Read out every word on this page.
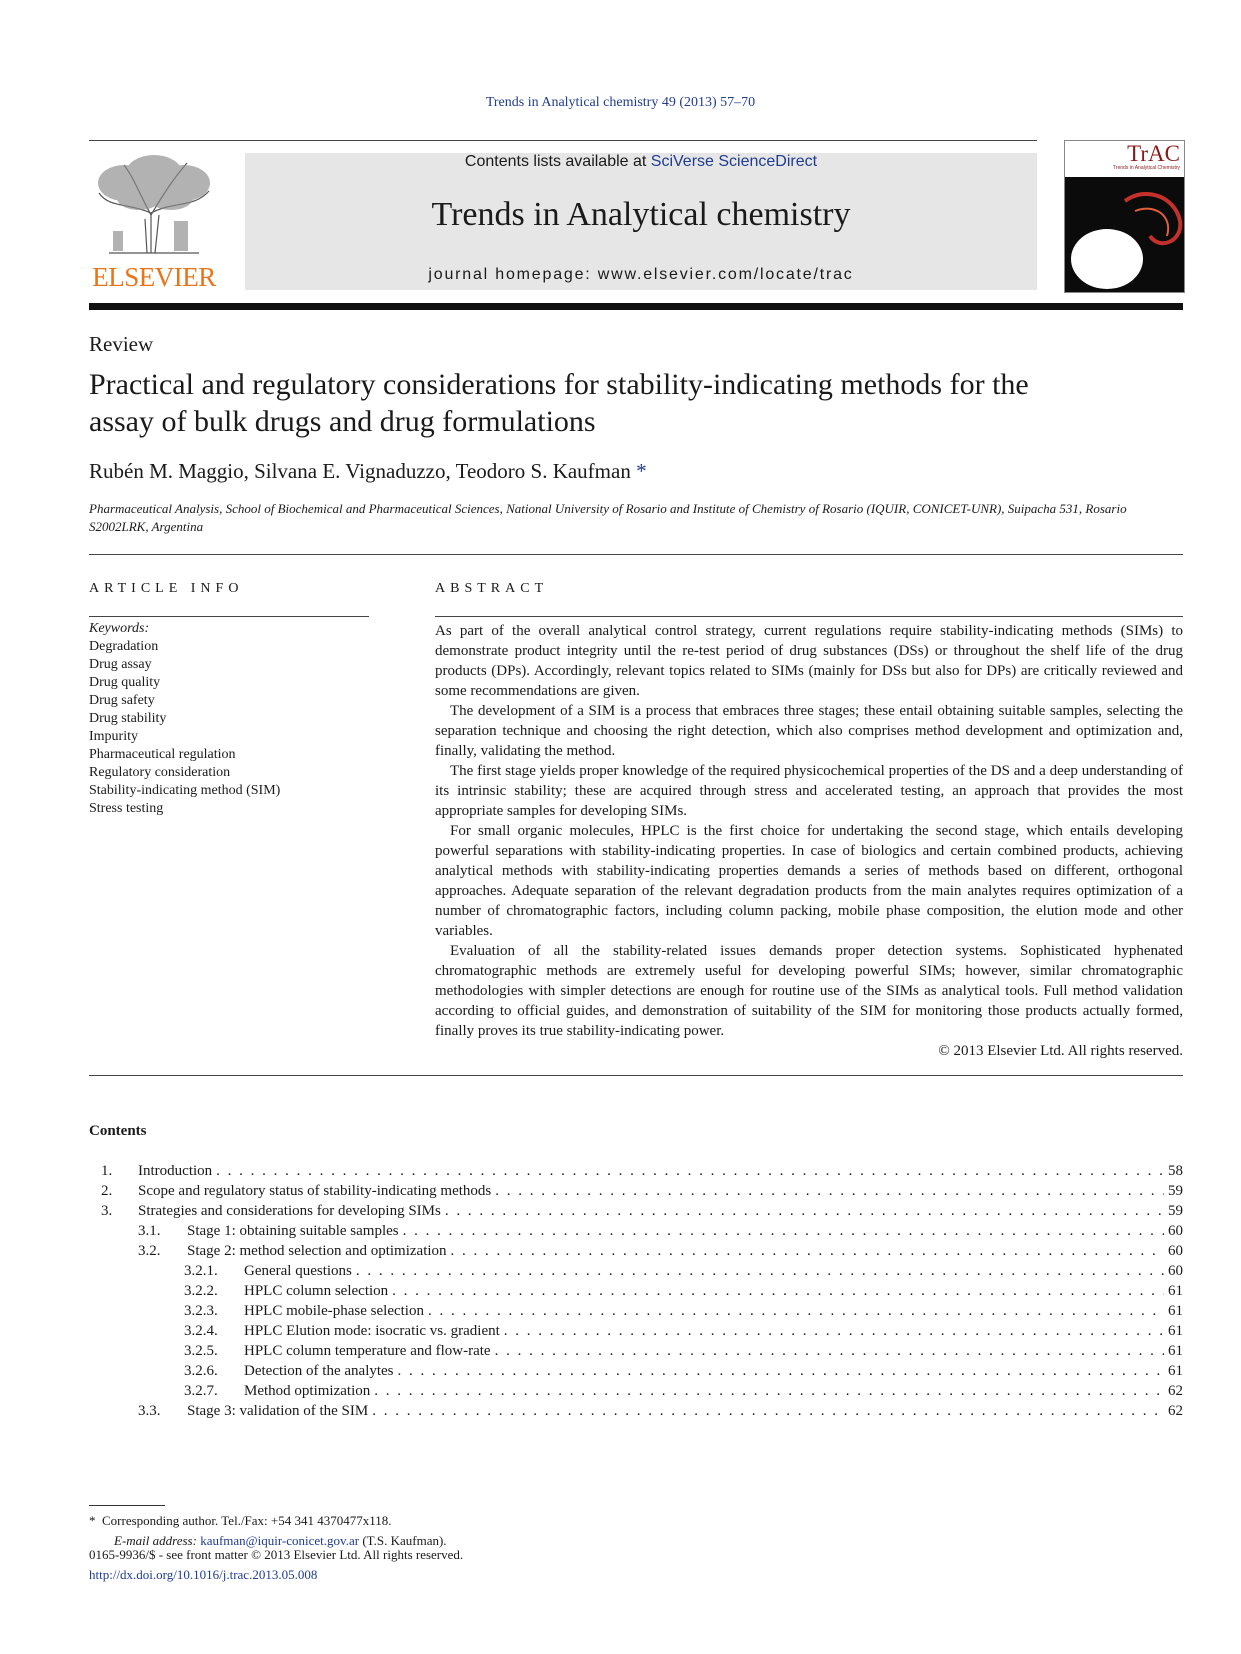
Trends in Analytical chemistry 49 (2013) 57–70
ELSEVIER
Contents lists available at SciVerse ScienceDirect
Trends in Analytical chemistry
journal homepage: www.elsevier.com/locate/trac
TrAC
Trends in Analytical Chemistry
Review
Practical and regulatory considerations for stability-indicating methods for the assay of bulk drugs and drug formulations
Rubén M. Maggio, Silvana E. Vignaduzzo, Teodoro S. Kaufman *
Pharmaceutical Analysis, School of Biochemical and Pharmaceutical Sciences, National University of Rosario and Institute of Chemistry of Rosario (IQUIR, CONICET-UNR), Suipacha 531, Rosario S2002LRK, Argentina
ARTICLE INFO
Keywords:
Degradation
Drug assay
Drug quality
Drug safety
Drug stability
Impurity
Pharmaceutical regulation
Regulatory consideration
Stability-indicating method (SIM)
Stress testing
ABSTRACT

As part of the overall analytical control strategy, current regulations require stability-indicating methods (SIMs) to demonstrate product integrity until the re-test period of drug substances (DSs) or throughout the shelf life of the drug products (DPs). Accordingly, relevant topics related to SIMs (mainly for DSs but also for DPs) are critically reviewed and some recommendations are given.

The development of a SIM is a process that embraces three stages; these entail obtaining suitable samples, selecting the separation technique and choosing the right detection, which also comprises method development and optimization and, finally, validating the method.

The first stage yields proper knowledge of the required physicochemical properties of the DS and a deep understanding of its intrinsic stability; these are acquired through stress and accelerated testing, an approach that provides the most appropriate samples for developing SIMs.

For small organic molecules, HPLC is the first choice for undertaking the second stage, which entails developing powerful separations with stability-indicating properties. In case of biologics and certain combined products, achieving analytical methods with stability-indicating properties demands a series of methods based on different, orthogonal approaches. Adequate separation of the relevant degradation products from the main analytes requires optimization of a number of chromatographic factors, including column packing, mobile phase composition, the elution mode and other variables.

Evaluation of all the stability-related issues demands proper detection systems. Sophisticated hyphenated chromatographic methods are extremely useful for developing powerful SIMs; however, similar chromatographic methodologies with simpler detections are enough for routine use of the SIMs as analytical tools. Full method validation according to official guides, and demonstration of suitability of the SIM for monitoring those products actually formed, finally proves its true stability-indicating power.

© 2013 Elsevier Ltd. All rights reserved.
Contents
1.	Introduction . . .	58
2.	Scope and regulatory status of stability-indicating methods . . .	59
3.	Strategies and considerations for developing SIMs . . .	59
3.1.	Stage 1: obtaining suitable samples . . .	60
3.2.	Stage 2: method selection and optimization . . .	60
3.2.1.	General questions . . .	60
3.2.2.	HPLC column selection . . .	61
3.2.3.	HPLC mobile-phase selection . . .	61
3.2.4.	HPLC Elution mode: isocratic vs. gradient . . .	61
3.2.5.	HPLC column temperature and flow-rate . . .	61
3.2.6.	Detection of the analytes . . .	61
3.2.7.	Method optimization . . .	62
3.3.	Stage 3: validation of the SIM . . .	62
* Corresponding author. Tel./Fax: +54 341 4370477x118.
E-mail address: kaufman@iquir-conicet.gov.ar (T.S. Kaufman).
0165-9936/$ - see front matter © 2013 Elsevier Ltd. All rights reserved.
http://dx.doi.org/10.1016/j.trac.2013.05.008
